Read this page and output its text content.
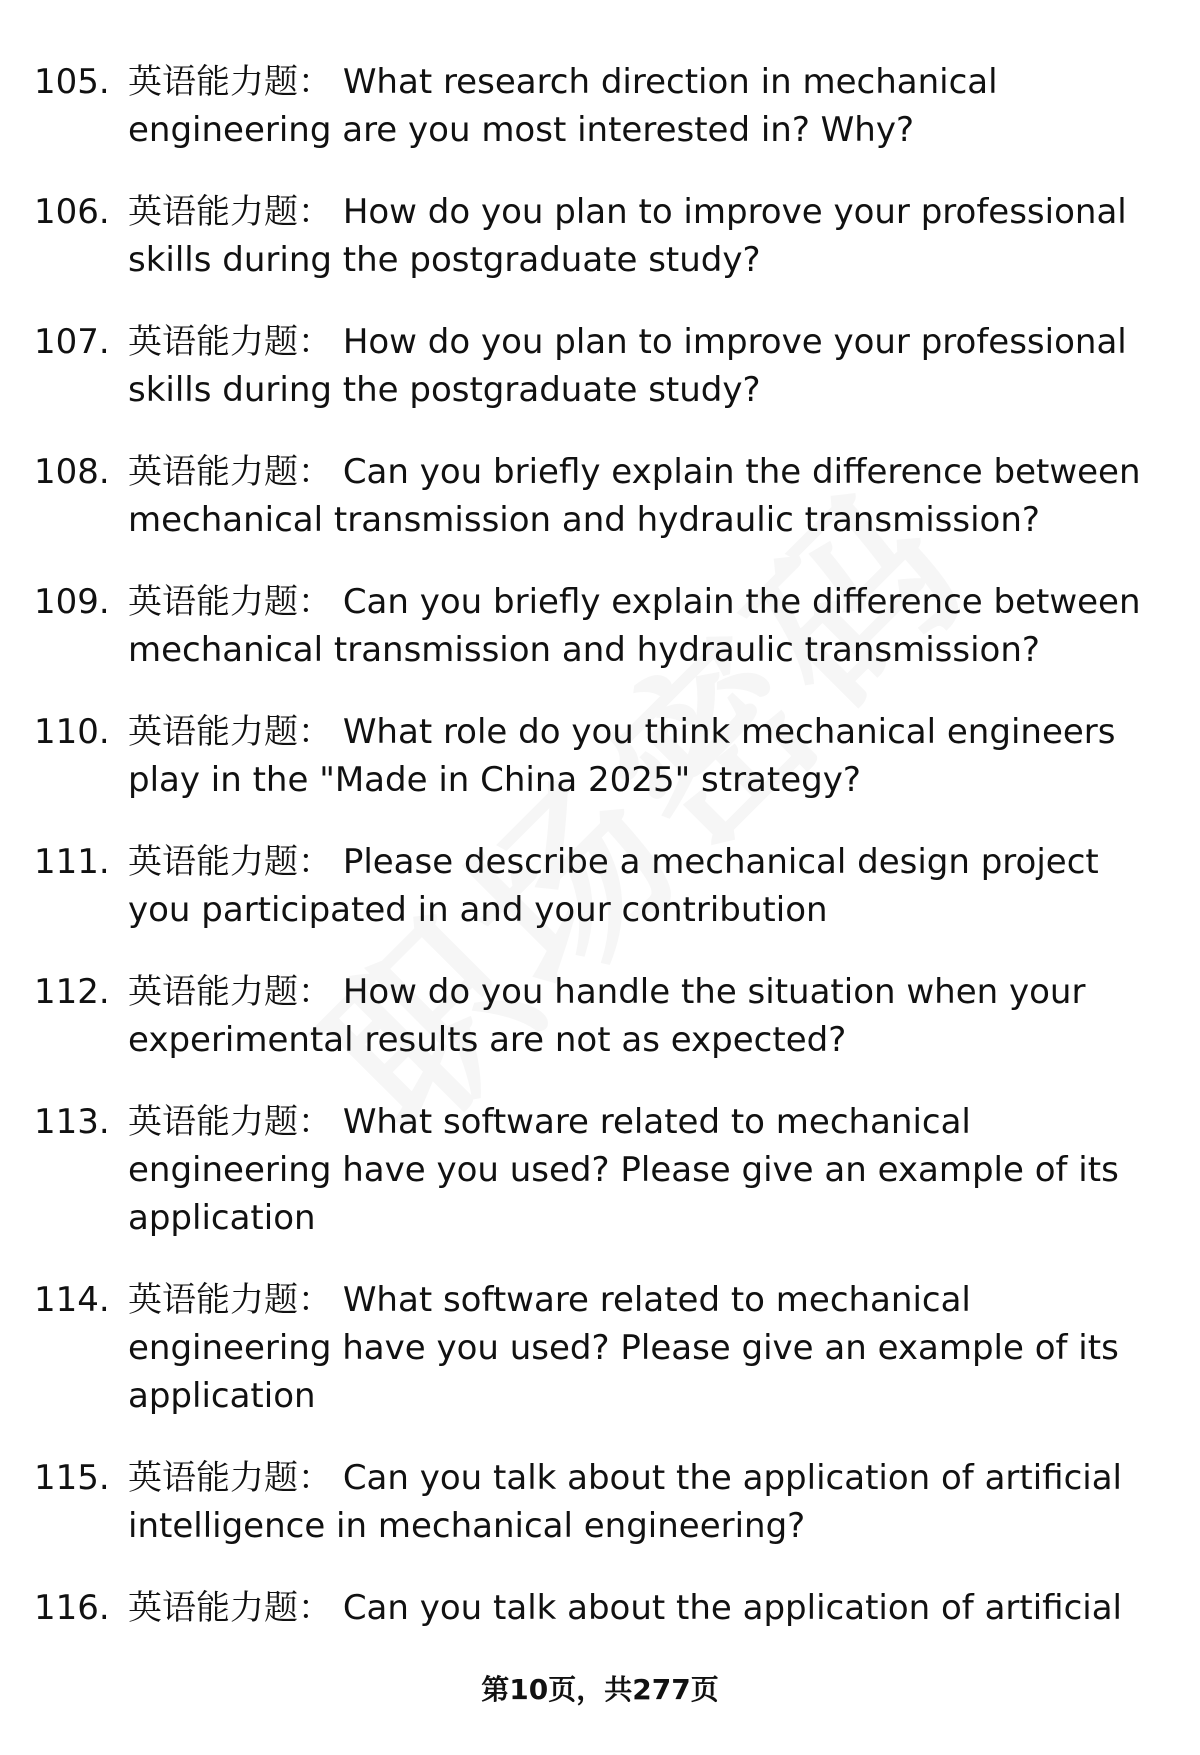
105. 英语能力题： What research direction in mechanical engineering are you most interested in? Why?
106. 英语能力题： How do you plan to improve your professional skills during the postgraduate study?
107. 英语能力题： How do you plan to improve your professional skills during the postgraduate study?
108. 英语能力题： Can you briefly explain the difference between mechanical transmission and hydraulic transmission?
109. 英语能力题： Can you briefly explain the difference between mechanical transmission and hydraulic transmission?
110. 英语能力题： What role do you think mechanical engineers play in the "Made in China 2025" strategy?
111. 英语能力题： Please describe a mechanical design project you participated in and your contribution
112. 英语能力题： How do you handle the situation when your experimental results are not as expected?
113. 英语能力题： What software related to mechanical engineering have you used? Please give an example of its application
114. 英语能力题： What software related to mechanical engineering have you used? Please give an example of its application
115. 英语能力题： Can you talk about the application of artificial intelligence in mechanical engineering?
116. 英语能力题： Can you talk about the application of artificial
第10页，共277页
